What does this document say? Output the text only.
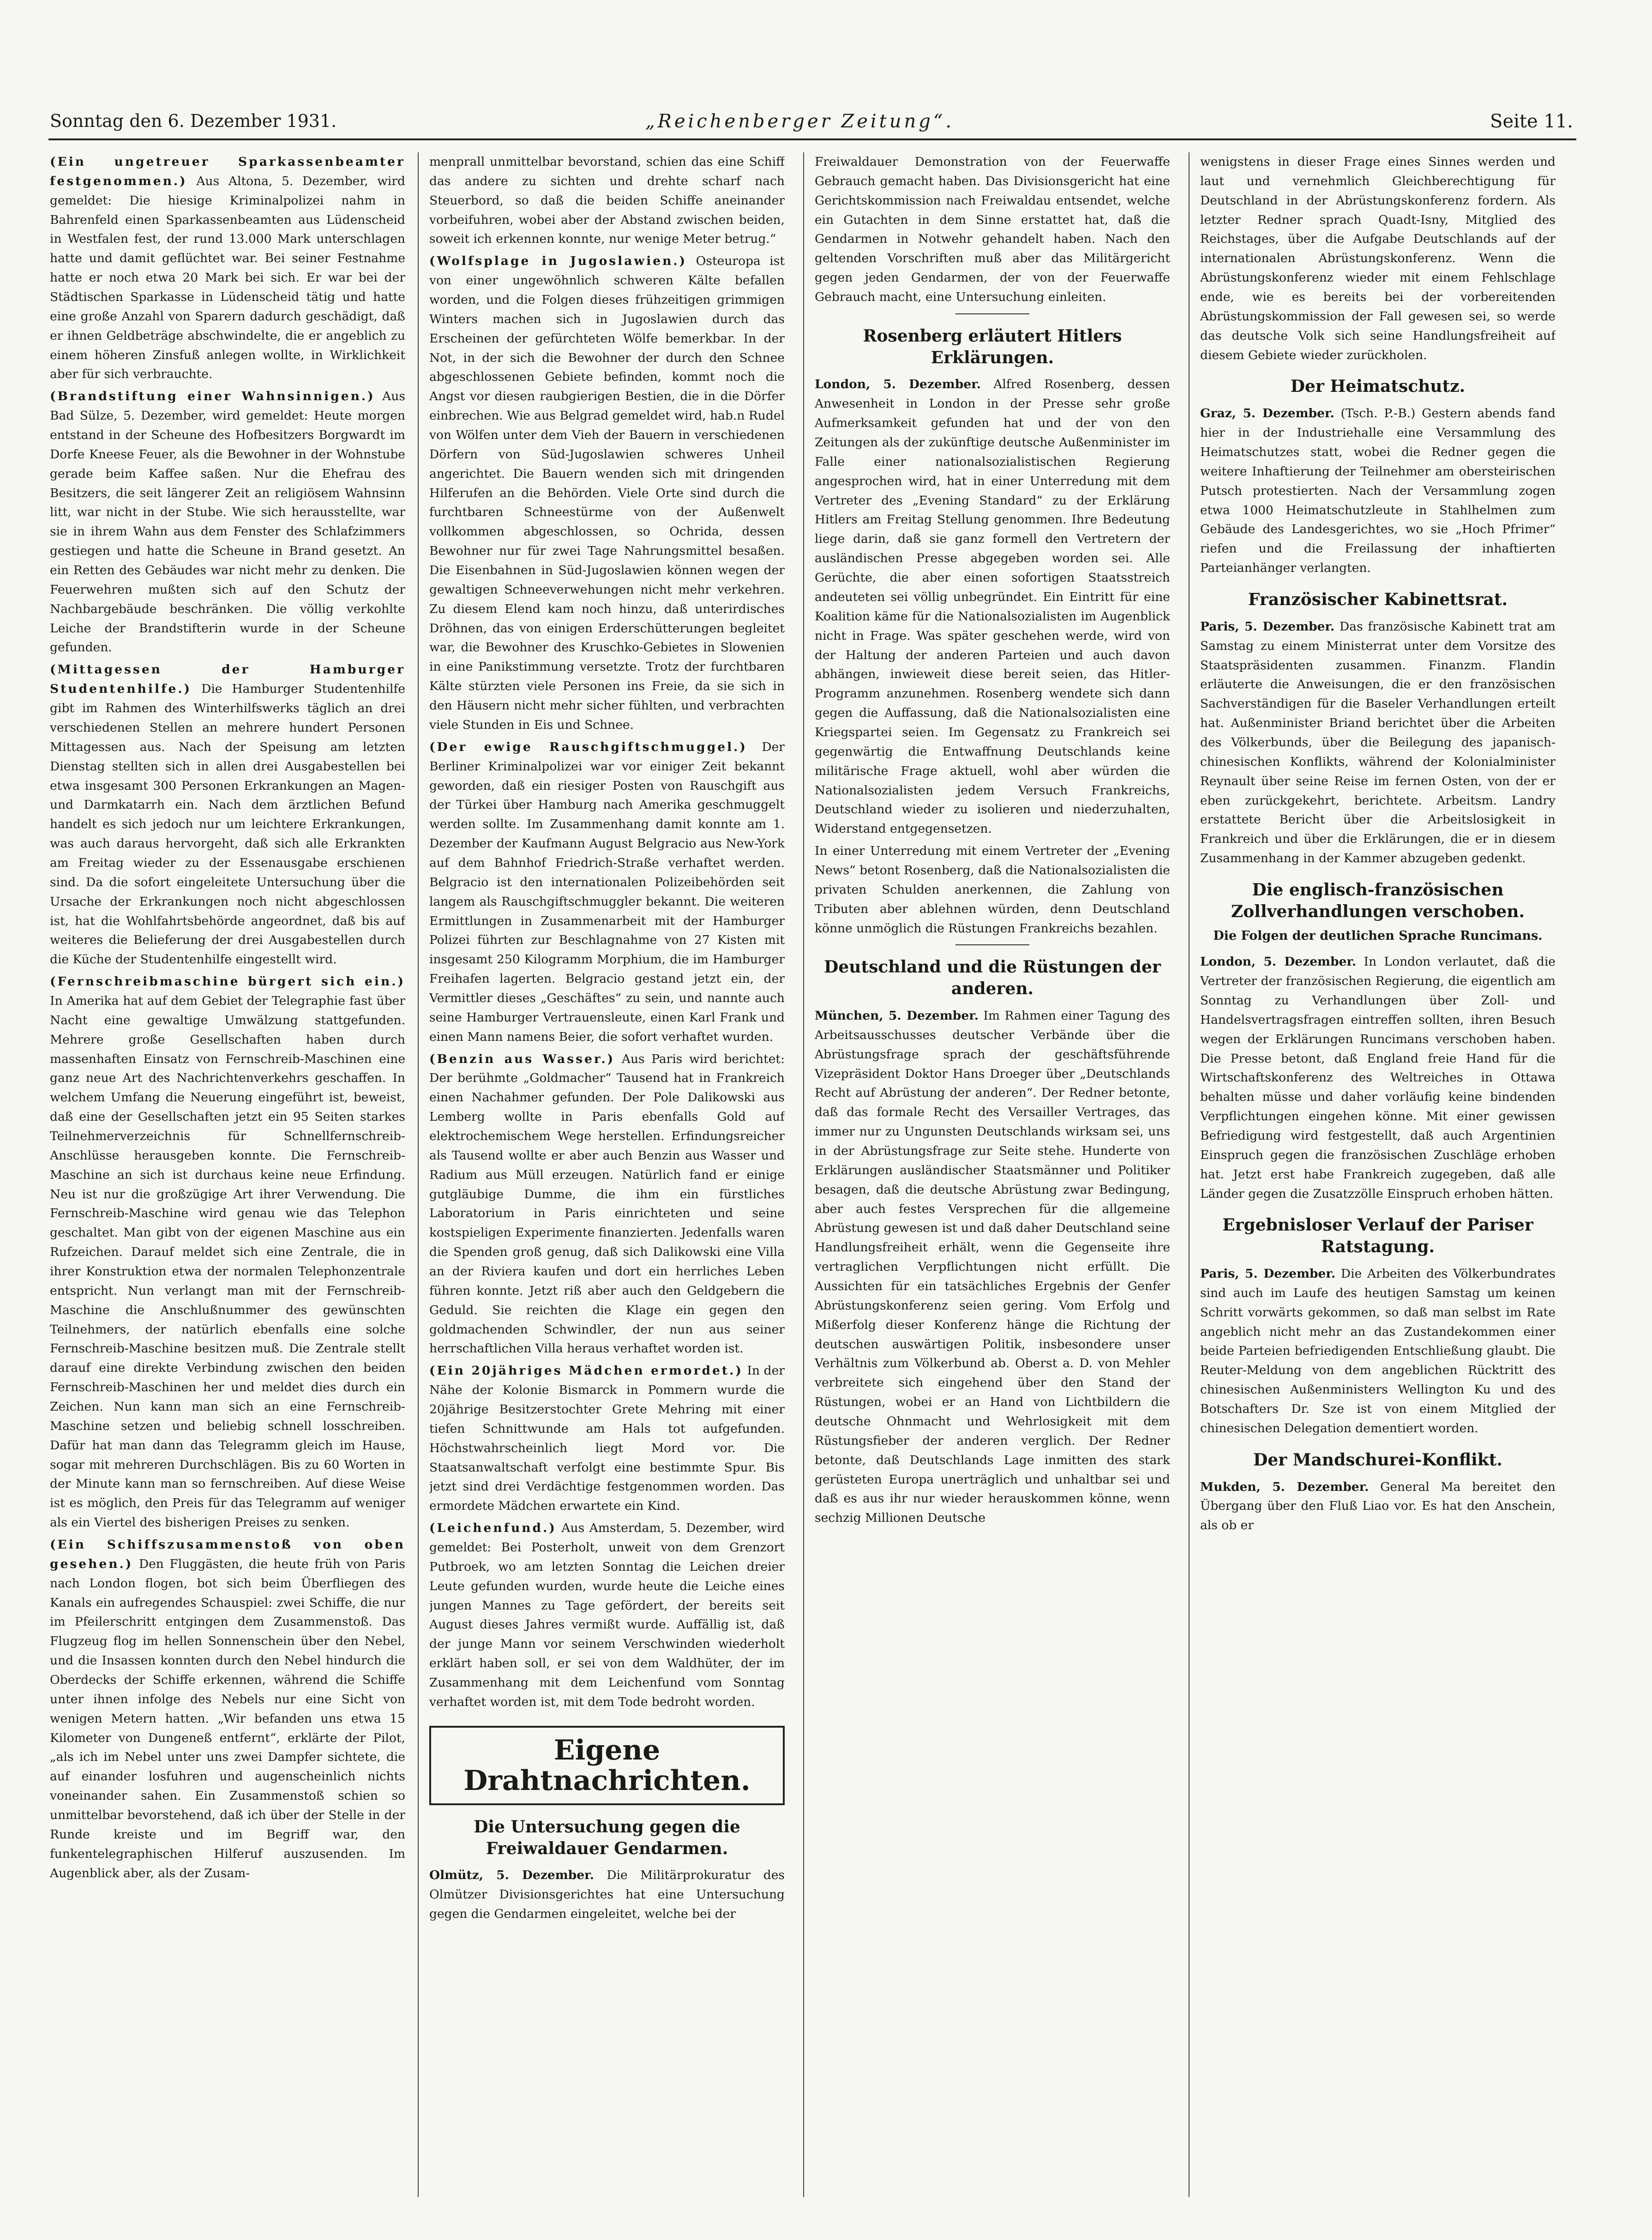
Sonntag den 6. Dezember 1931.	„Reichenberger Zeitung“.	Seite 11.

(Ein ungetreuer Sparkassenbeamter festgenommen.) Aus Altona, 5. Dezember, wird gemeldet: Die hiesige Kriminalpolizei nahm in Bahrenfeld einen Sparkassenbeamten aus Lüdenscheid in Westfalen fest, der rund 13.000 Mark unterschlagen hatte und damit geflüchtet war. Bei seiner Festnahme hatte er noch etwa 20 Mark bei sich. Er war bei der Städtischen Sparkasse in Lüdenscheid tätig und hatte eine große Anzahl von Sparern dadurch geschädigt, daß er ihnen Geldbeträge abschwindelte, die er angeblich zu einem höheren Zinsfuß anlegen wollte, in Wirklichkeit aber für sich verbrauchte.

(Brandstiftung einer Wahnsinnigen.) Aus Bad Sülze, 5. Dezember, wird gemeldet: Heute morgen entstand in der Scheune des Hofbesitzers Borgwardt im Dorfe Kneese Feuer, als die Bewohner in der Wohnstube gerade beim Kaffee saßen. Nur die Ehefrau des Besitzers, die seit längerer Zeit an religiösem Wahnsinn litt, war nicht in der Stube. Wie sich herausstellte, war sie in ihrem Wahn aus dem Fenster des Schlafzimmers gestiegen und hatte die Scheune in Brand gesetzt. An ein Retten des Gebäudes war nicht mehr zu denken. Die Feuerwehren mußten sich auf den Schutz der Nachbargebäude beschränken. Die völlig verkohlte Leiche der Brandstifterin wurde in der Scheune gefunden.

(Mittagessen der Hamburger Studentenhilfe.) Die Hamburger Studentenhilfe gibt im Rahmen des Winterhilfswerks täglich an drei verschiedenen Stellen an mehrere hundert Personen Mittagessen aus. Nach der Speisung am letzten Dienstag stellten sich in allen drei Ausgabestellen bei etwa insgesamt 300 Personen Erkrankungen an Magen- und Darmkatarrh ein. Nach dem ärztlichen Befund handelt es sich jedoch nur um leichtere Erkrankungen, was auch daraus hervorgeht, daß sich alle Erkrankten am Freitag wieder zu der Essenausgabe erschienen sind. Da die sofort eingeleitete Untersuchung über die Ursache der Erkrankungen noch nicht abgeschlossen ist, hat die Wohlfahrtsbehörde angeordnet, daß bis auf weiteres die Belieferung der drei Ausgabestellen durch die Küche der Studentenhilfe eingestellt wird.

(Fernschreibmaschine bürgert sich ein.) In Amerika hat auf dem Gebiet der Telegraphie fast über Nacht eine gewaltige Umwälzung stattgefunden. Mehrere große Gesellschaften haben durch massenhaften Einsatz von Fernschreib-Maschinen eine ganz neue Art des Nachrichtenverkehrs geschaffen. In welchem Umfang die Neuerung eingeführt ist, beweist, daß eine der Gesellschaften jetzt ein 95 Seiten starkes Teilnehmerverzeichnis für Schnellfernschreib-Anschlüsse herausgeben konnte. Die Fernschreib-Maschine an sich ist durchaus keine neue Erfindung. Neu ist nur die großzügige Art ihrer Verwendung. Die Fernschreib-Maschine wird genau wie das Telephon geschaltet. Man gibt von der eigenen Maschine aus ein Rufzeichen. Darauf meldet sich eine Zentrale, die in ihrer Konstruktion etwa der normalen Telephonzentrale entspricht. Nun verlangt man mit der Fernschreib-Maschine die Anschlußnummer des gewünschten Teilnehmers, der natürlich ebenfalls eine solche Fernschreib-Maschine besitzen muß. Die Zentrale stellt darauf eine direkte Verbindung zwischen den beiden Fernschreib-Maschinen her und meldet dies durch ein Zeichen. Nun kann man sich an eine Fernschreib-Maschine setzen und beliebig schnell losschreiben. Dafür hat man dann das Telegramm gleich im Hause, sogar mit mehreren Durchschlägen. Bis zu 60 Worten in der Minute kann man so fernschreiben. Auf diese Weise ist es möglich, den Preis für das Telegramm auf weniger als ein Viertel des bisherigen Preises zu senken.

(Ein Schiffszusammenstoß von oben gesehen.) Den Fluggästen, die heute früh von Paris nach London flogen, bot sich beim Überfliegen des Kanals ein aufregendes Schauspiel: zwei Schiffe, die nur im Pfeilerschritt entgingen dem Zusammenstoß. Das Flugzeug flog im hellen Sonnenschein über den Nebel, und die Insassen konnten durch den Nebel hindurch die Oberdecks der Schiffe erkennen, während die Schiffe unter ihnen infolge des Nebels nur eine Sicht von wenigen Metern hatten. „Wir befanden uns etwa 15 Kilometer von Dungeneß entfernt“, erklärte der Pilot, „als ich im Nebel unter uns zwei Dampfer sichtete, die auf einander losfuhren und augenscheinlich nichts voneinander sahen. Ein Zusammenstoß schien so unmittelbar bevorstehend, daß ich über der Stelle in der Runde kreiste und im Begriff war, den funkentelegraphischen Hilferuf auszusenden. Im Augenblick aber, als der Zusam-

menprall unmittelbar bevorstand, schien das eine Schiff das andere zu sichten und drehte scharf nach Steuerbord, so daß die beiden Schiffe aneinander vorbeifuhren, wobei aber der Abstand zwischen beiden, soweit ich erkennen konnte, nur wenige Meter betrug.“

(Wolfsplage in Jugoslawien.) Osteuropa ist von einer ungewöhnlich schweren Kälte befallen worden, und die Folgen dieses frühzeitigen grimmigen Winters machen sich in Jugoslawien durch das Erscheinen der gefürchteten Wölfe bemerkbar. In der Not, in der sich die Bewohner der durch den Schnee abgeschlossenen Gebiete befinden, kommt noch die Angst vor diesen raubgierigen Bestien, die in die Dörfer einbrechen. Wie aus Belgrad gemeldet wird, hab.n Rudel von Wölfen unter dem Vieh der Bauern in verschiedenen Dörfern von Süd-Jugoslawien schweres Unheil angerichtet. Die Bauern wenden sich mit dringenden Hilferufen an die Behörden. Viele Orte sind durch die furchtbaren Schneestürme von der Außenwelt vollkommen abgeschlossen, so Ochrida, dessen Bewohner nur für zwei Tage Nahrungsmittel besaßen. Die Eisenbahnen in Süd-Jugoslawien können wegen der gewaltigen Schneeverwehungen nicht mehr verkehren. Zu diesem Elend kam noch hinzu, daß unterirdisches Dröhnen, das von einigen Erderschütterungen begleitet war, die Bewohner des Kruschko-Gebietes in Slowenien in eine Panikstimmung versetzte. Trotz der furchtbaren Kälte stürzten viele Personen ins Freie, da sie sich in den Häusern nicht mehr sicher fühlten, und verbrachten viele Stunden in Eis und Schnee.

(Der ewige Rauschgiftschmuggel.) Der Berliner Kriminalpolizei war vor einiger Zeit bekannt geworden, daß ein riesiger Posten von Rauschgift aus der Türkei über Hamburg nach Amerika geschmuggelt werden sollte. Im Zusammenhang damit konnte am 1. Dezember der Kaufmann August Belgracio aus New-York auf dem Bahnhof Friedrich-Straße verhaftet werden. Belgracio ist den internationalen Polizeibehörden seit langem als Rauschgiftschmuggler bekannt. Die weiteren Ermittlungen in Zusammenarbeit mit der Hamburger Polizei führten zur Beschlagnahme von 27 Kisten mit insgesamt 250 Kilogramm Morphium, die im Hamburger Freihafen lagerten. Belgracio gestand jetzt ein, der Vermittler dieses „Geschäftes“ zu sein, und nannte auch seine Hamburger Vertrauensleute, einen Karl Frank und einen Mann namens Beier, die sofort verhaftet wurden.

(Benzin aus Wasser.) Aus Paris wird berichtet: Der berühmte „Goldmacher“ Tausend hat in Frankreich einen Nachahmer gefunden. Der Pole Dalikowski aus Lemberg wollte in Paris ebenfalls Gold auf elektrochemischem Wege herstellen. Erfindungsreicher als Tausend wollte er aber auch Benzin aus Wasser und Radium aus Müll erzeugen. Natürlich fand er einige gutgläubige Dumme, die ihm ein fürstliches Laboratorium in Paris einrichteten und seine kostspieligen Experimente finanzierten. Jedenfalls waren die Spenden groß genug, daß sich Dalikowski eine Villa an der Riviera kaufen und dort ein herrliches Leben führen konnte. Jetzt riß aber auch den Geldgebern die Geduld. Sie reichten die Klage ein gegen den goldmachenden Schwindler, der nun aus seiner herrschaftlichen Villa heraus verhaftet worden ist.

(Ein 20jähriges Mädchen ermordet.) In der Nähe der Kolonie Bismarck in Pommern wurde die 20jährige Besitzerstochter Grete Mehring mit einer tiefen Schnittwunde am Hals tot aufgefunden. Höchstwahrscheinlich liegt Mord vor. Die Staatsanwaltschaft verfolgt eine bestimmte Spur. Bis jetzt sind drei Verdächtige festgenommen worden. Das ermordete Mädchen erwartete ein Kind.

(Leichenfund.) Aus Amsterdam, 5. Dezember, wird gemeldet: Bei Posterholt, unweit von dem Grenzort Putbroek, wo am letzten Sonntag die Leichen dreier Leute gefunden wurden, wurde heute die Leiche eines jungen Mannes zu Tage gefördert, der bereits seit August dieses Jahres vermißt wurde. Auffällig ist, daß der junge Mann vor seinem Verschwinden wiederholt erklärt haben soll, er sei von dem Waldhüter, der im Zusammenhang mit dem Leichenfund vom Sonntag verhaftet worden ist, mit dem Tode bedroht worden.

Eigene Drahtnachrichten.
Die Untersuchung gegen die Freiwaldauer Gendarmen.

Olmütz, 5. Dezember. Die Militärprokuratur des Olmützer Divisionsgerichtes hat eine Untersuchung gegen die Gendarmen eingeleitet, welche bei der

Freiwaldauer Demonstration von der Feuerwaffe Gebrauch gemacht haben. Das Divisionsgericht hat eine Gerichtskommission nach Freiwaldau entsendet, welche ein Gutachten in dem Sinne erstattet hat, daß die Gendarmen in Notwehr gehandelt haben. Nach den geltenden Vorschriften muß aber das Militärgericht gegen jeden Gendarmen, der von der Feuerwaffe Gebrauch macht, eine Untersuchung einleiten.

Rosenberg erläutert Hitlers Erklärungen.

London, 5. Dezember. Alfred Rosenberg, dessen Anwesenheit in London in der Presse sehr große Aufmerksamkeit gefunden hat und der von den Zeitungen als der zukünftige deutsche Außenminister im Falle einer nationalsozialistischen Regierung angesprochen wird, hat in einer Unterredung mit dem Vertreter des „Evening Standard“ zu der Erklärung Hitlers am Freitag Stellung genommen. Ihre Bedeutung liege darin, daß sie ganz formell den Vertretern der ausländischen Presse abgegeben worden sei. Alle Gerüchte, die aber einen sofortigen Staatsstreich andeuteten sei völlig unbegründet. Ein Eintritt für eine Koalition käme für die Nationalsozialisten im Augenblick nicht in Frage. Was später geschehen werde, wird von der Haltung der anderen Parteien und auch davon abhängen, inwieweit diese bereit seien, das Hitler-Programm anzunehmen. Rosenberg wendete sich dann gegen die Auffassung, daß die Nationalsozialisten eine Kriegspartei seien. Im Gegensatz zu Frankreich sei gegenwärtig die Entwaffnung Deutschlands keine militärische Frage aktuell, wohl aber würden die Nationalsozialisten jedem Versuch Frankreichs, Deutschland wieder zu isolieren und niederzuhalten, Widerstand entgegensetzen.

In einer Unterredung mit einem Vertreter der „Evening News“ betont Rosenberg, daß die Nationalsozialisten die privaten Schulden anerkennen, die Zahlung von Tributen aber ablehnen würden, denn Deutschland könne unmöglich die Rüstungen Frankreichs bezahlen.

Deutschland und die Rüstungen der anderen.

München, 5. Dezember. Im Rahmen einer Tagung des Arbeitsausschusses deutscher Verbände über die Abrüstungsfrage sprach der geschäftsführende Vizepräsident Doktor Hans Droeger über „Deutschlands Recht auf Abrüstung der anderen“. Der Redner betonte, daß das formale Recht des Versailler Vertrages, das immer nur zu Ungunsten Deutschlands wirksam sei, uns in der Abrüstungsfrage zur Seite stehe. Hunderte von Erklärungen ausländischer Staatsmänner und Politiker besagen, daß die deutsche Abrüstung zwar Bedingung, aber auch festes Versprechen für die allgemeine Abrüstung gewesen ist und daß daher Deutschland seine Handlungsfreiheit erhält, wenn die Gegenseite ihre vertraglichen Verpflichtungen nicht erfüllt. Die Aussichten für ein tatsächliches Ergebnis der Genfer Abrüstungskonferenz seien gering. Vom Erfolg und Mißerfolg dieser Konferenz hänge die Richtung der deutschen auswärtigen Politik, insbesondere unser Verhältnis zum Völkerbund ab. Oberst a. D. von Mehler verbreitete sich eingehend über den Stand der Rüstungen, wobei er an Hand von Lichtbildern die deutsche Ohnmacht und Wehrlosigkeit mit dem Rüstungsfieber der anderen verglich. Der Redner betonte, daß Deutschlands Lage inmitten des stark gerüsteten Europa unerträglich und unhaltbar sei und daß es aus ihr nur wieder herauskommen könne, wenn sechzig Millionen Deutsche

wenigstens in dieser Frage eines Sinnes werden und laut und vernehmlich Gleichberechtigung für Deutschland in der Abrüstungskonferenz fordern. Als letzter Redner sprach Quadt-Isny, Mitglied des Reichstages, über die Aufgabe Deutschlands auf der internationalen Abrüstungskonferenz. Wenn die Abrüstungskonferenz wieder mit einem Fehlschlage ende, wie es bereits bei der vorbereitenden Abrüstungskommission der Fall gewesen sei, so werde das deutsche Volk sich seine Handlungsfreiheit auf diesem Gebiete wieder zurückholen.

Der Heimatschutz.

Graz, 5. Dezember. (Tsch. P.-B.) Gestern abends fand hier in der Industriehalle eine Versammlung des Heimatschutzes statt, wobei die Redner gegen die weitere Inhaftierung der Teilnehmer am obersteirischen Putsch protestierten. Nach der Versammlung zogen etwa 1000 Heimatschutzleute in Stahlhelmen zum Gebäude des Landesgerichtes, wo sie „Hoch Pfrimer“ riefen und die Freilassung der inhaftierten Parteianhänger verlangten.

Französischer Kabinettsrat.

Paris, 5. Dezember. Das französische Kabinett trat am Samstag zu einem Ministerrat unter dem Vorsitze des Staatspräsidenten zusammen. Finanzm. Flandin erläuterte die Anweisungen, die er den französischen Sachverständigen für die Baseler Verhandlungen erteilt hat. Außenminister Briand berichtet über die Arbeiten des Völkerbunds, über die Beilegung des japanisch-chinesischen Konflikts, während der Kolonialminister Reynault über seine Reise im fernen Osten, von der er eben zurückgekehrt, berichtete. Arbeitsm. Landry erstattete Bericht über die Arbeitslosigkeit in Frankreich und über die Erklärungen, die er in diesem Zusammenhang in der Kammer abzugeben gedenkt.

Die englisch-französischen Zollverhandlungen verschoben.
Die Folgen der deutlichen Sprache Runcimans.

London, 5. Dezember. In London verlautet, daß die Vertreter der französischen Regierung, die eigentlich am Sonntag zu Verhandlungen über Zoll- und Handelsvertragsfragen eintreffen sollten, ihren Besuch wegen der Erklärungen Runcimans verschoben haben. Die Presse betont, daß England freie Hand für die Wirtschaftskonferenz des Weltreiches in Ottawa behalten müsse und daher vorläufig keine bindenden Verpflichtungen eingehen könne. Mit einer gewissen Befriedigung wird festgestellt, daß auch Argentinien Einspruch gegen die französischen Zuschläge erhoben hat. Jetzt erst habe Frankreich zugegeben, daß alle Länder gegen die Zusatzzölle Einspruch erhoben hätten.

Ergebnisloser Verlauf der Pariser Ratstagung.

Paris, 5. Dezember. Die Arbeiten des Völkerbundrates sind auch im Laufe des heutigen Samstag um keinen Schritt vorwärts gekommen, so daß man selbst im Rate angeblich nicht mehr an das Zustandekommen einer beide Parteien befriedigenden Entschließung glaubt. Die Reuter-Meldung von dem angeblichen Rücktritt des chinesischen Außenministers Wellington Ku und des Botschafters Dr. Sze ist von einem Mitglied der chinesischen Delegation dementiert worden.

Der Mandschurei-Konflikt.

Mukden, 5. Dezember. General Ma bereitet den Übergang über den Fluß Liao vor. Es hat den Anschein, als ob er
